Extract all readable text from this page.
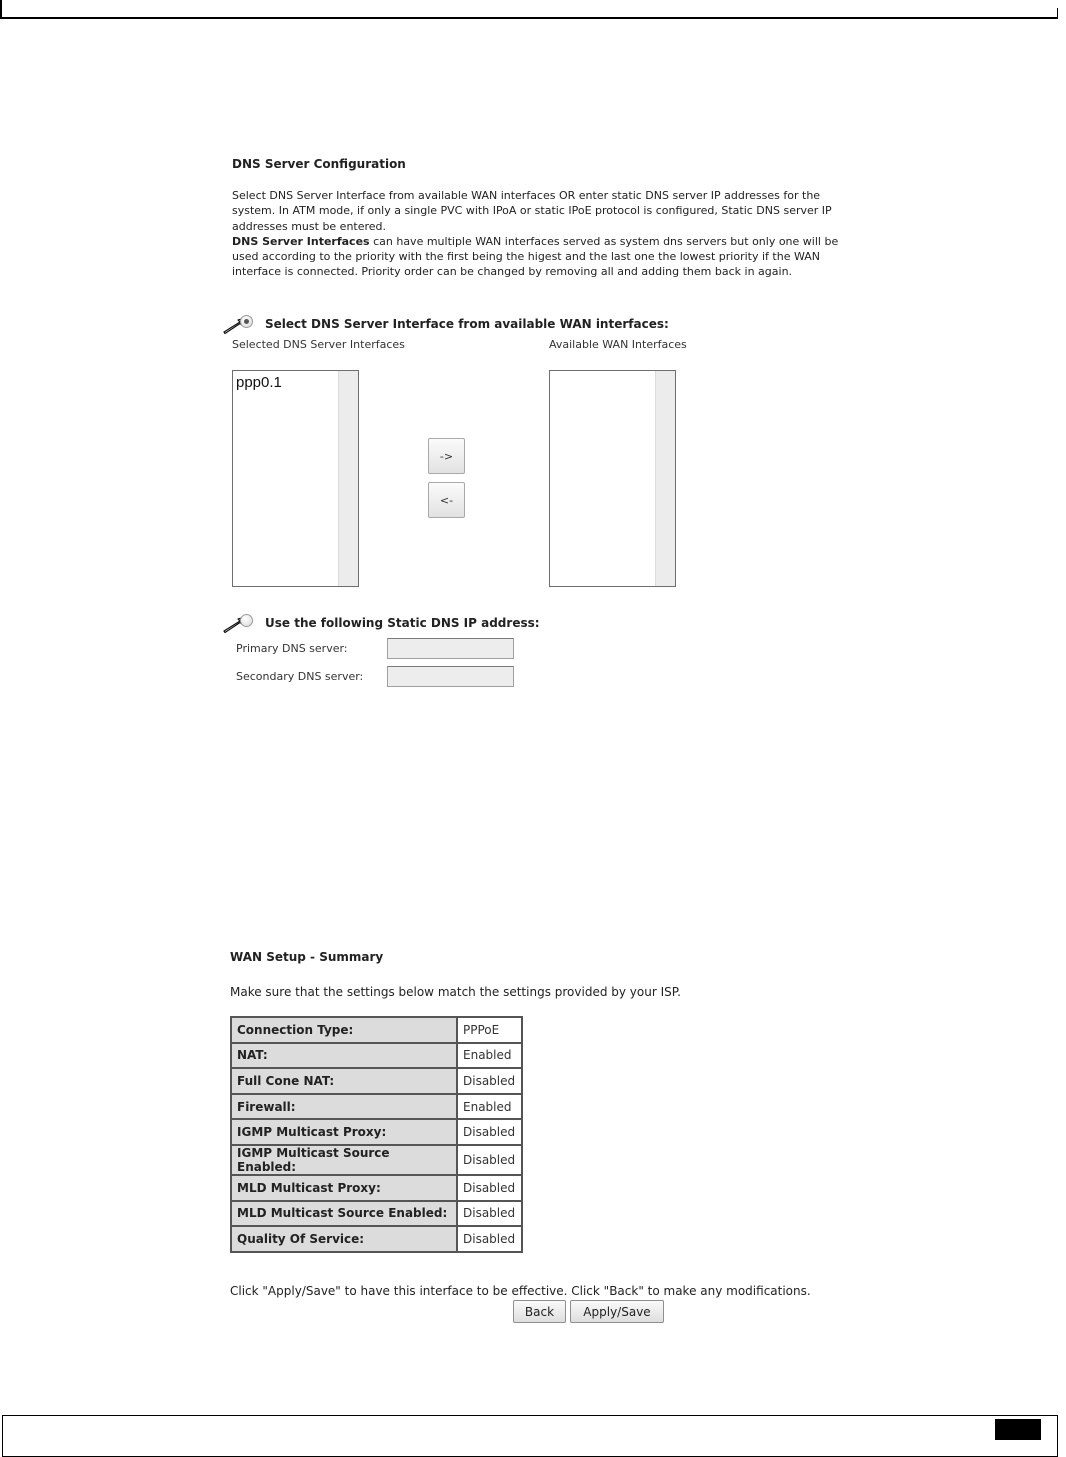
DNS Server Configuration
Select DNS Server Interface from available WAN interfaces OR enter static DNS server IP addresses for the
system. In ATM mode, if only a single PVC with IPoA or static IPoE protocol is configured, Static DNS server IP
addresses must be entered.
DNS Server Interfaces can have multiple WAN interfaces served as system dns servers but only one will be
used according to the priority with the first being the higest and the last one the lowest priority if the WAN
interface is connected. Priority order can be changed by removing all and adding them back in again.
Select DNS Server Interface from available WAN interfaces:
Selected DNS Server Interfaces	Available WAN Interfaces
ppp0.1
->
<-
Use the following Static DNS IP address:
Primary DNS server:
Secondary DNS server:
WAN Setup - Summary
Make sure that the settings below match the settings provided by your ISP.
Connection Type:	PPPoE
NAT:	Enabled
Full Cone NAT:	Disabled
Firewall:	Enabled
IGMP Multicast Proxy:	Disabled
IGMP Multicast Source Enabled:	Disabled
MLD Multicast Proxy:	Disabled
MLD Multicast Source Enabled:	Disabled
Quality Of Service:	Disabled
Click "Apply/Save" to have this interface to be effective. Click "Back" to make any modifications.
Back	Apply/Save
